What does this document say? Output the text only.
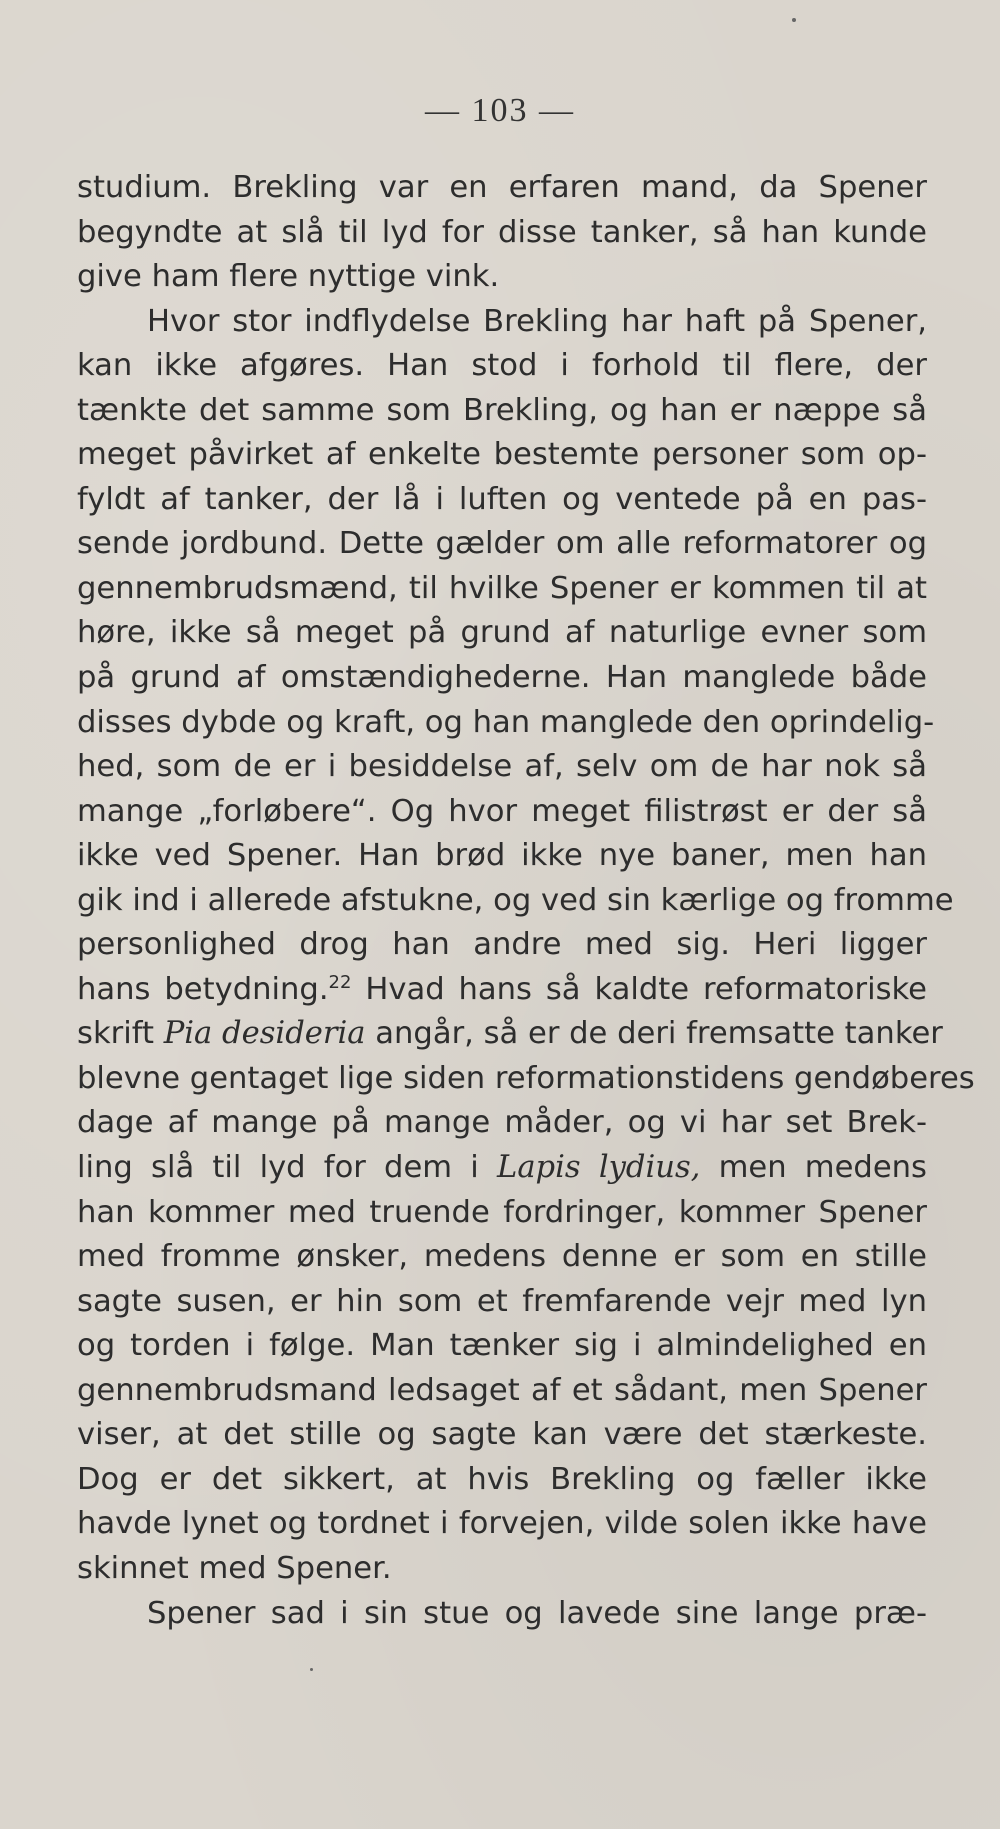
— 103 —
studium. Brekling var en erfaren mand, da Spener
begyndte at slå til lyd for disse tanker, så han kunde
give ham flere nyttige vink.
Hvor stor indflydelse Brekling har haft på Spener,
kan ikke afgøres. Han stod i forhold til flere, der
tænkte det samme som Brekling, og han er næppe så
meget påvirket af enkelte bestemte personer som op-
fyldt af tanker, der lå i luften og ventede på en pas-
sende jordbund. Dette gælder om alle reformatorer og
gennembrudsmænd, til hvilke Spener er kommen til at
høre, ikke så meget på grund af naturlige evner som
på grund af omstændighederne. Han manglede både
disses dybde og kraft, og han manglede den oprindelig-
hed, som de er i besiddelse af, selv om de har nok så
mange „forløbere“. Og hvor meget filistrøst er der så
ikke ved Spener. Han brød ikke nye baner, men han
gik ind i allerede afstukne, og ved sin kærlige og fromme
personlighed drog han andre med sig. Heri ligger
hans betydning.$^{22}$ Hvad hans så kaldte reformatoriske
skrift Pia desideria angår, så er de deri fremsatte tanker
blevne gentaget lige siden reformationstidens gendøberes
dage af mange på mange måder, og vi har set Brek-
ling slå til lyd for dem i Lapis lydius, men medens
han kommer med truende fordringer, kommer Spener
med fromme ønsker, medens denne er som en stille
sagte susen, er hin som et fremfarende vejr med lyn
og torden i følge. Man tænker sig i almindelighed en
gennembrudsmand ledsaget af et sådant, men Spener
viser, at det stille og sagte kan være det stærkeste.
Dog er det sikkert, at hvis Brekling og fæller ikke
havde lynet og tordnet i forvejen, vilde solen ikke have
skinnet med Spener.
Spener sad i sin stue og lavede sine lange præ-
